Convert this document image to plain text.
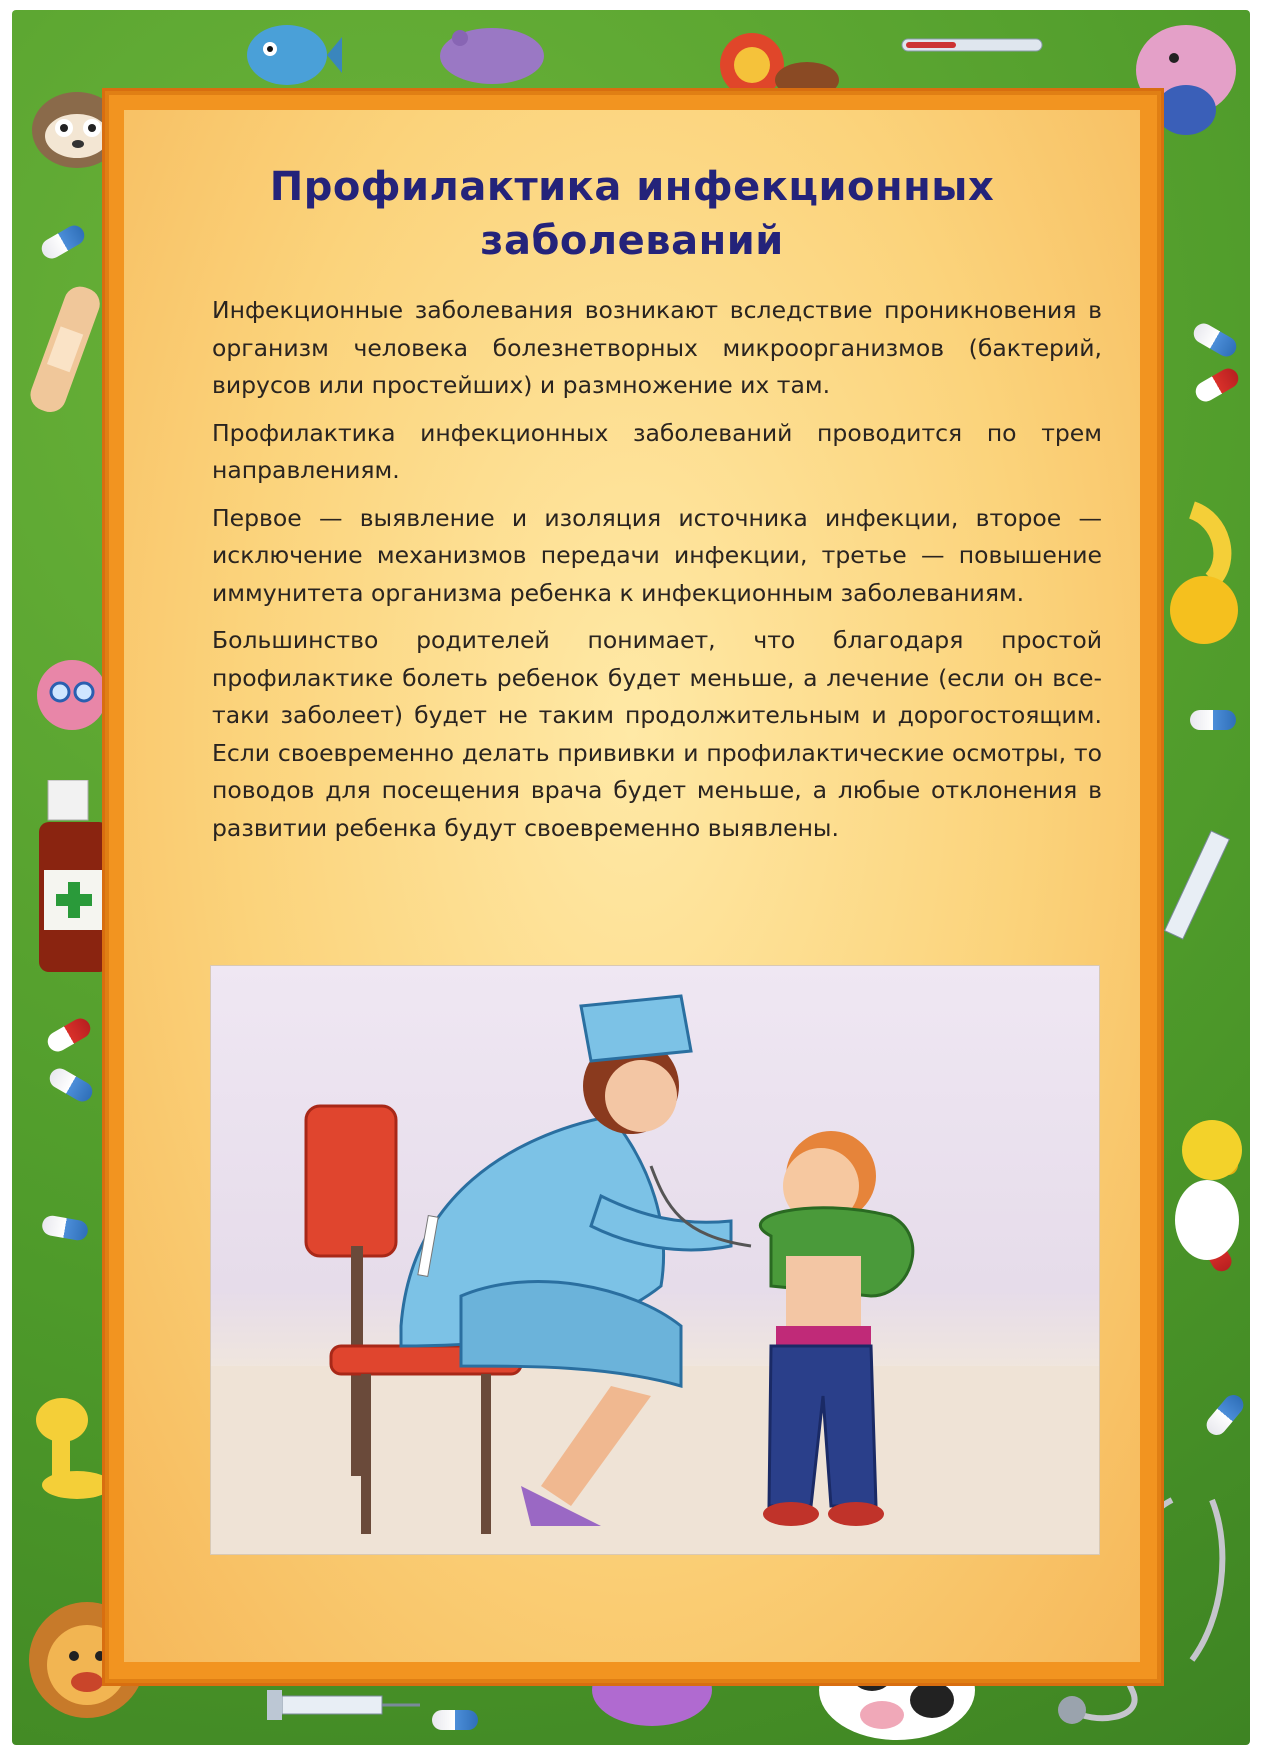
Профилактика инфекционных заболеваний

Инфекционные заболевания возникают вследствие проникновения в организм человека болезнетворных микроорганизмов (бактерий, вирусов или простейших) и размножение их там.

Профилактика инфекционных заболеваний проводится по трем направлениям.

Первое — выявление и изоляция источника инфекции, второе — исключение механизмов передачи инфекции, третье — повышение иммунитета организма ребенка к инфекционным заболеваниям.

Большинство родителей понимает, что благодаря простой профилактике болеть ребенок будет меньше, а лечение (если он все-таки заболеет) будет не таким продолжительным и дорогостоящим. Если своевременно делать прививки и профилактические осмотры, то поводов для посещения врача будет меньше, а любые отклонения в развитии ребенка будут своевременно выявлены.
